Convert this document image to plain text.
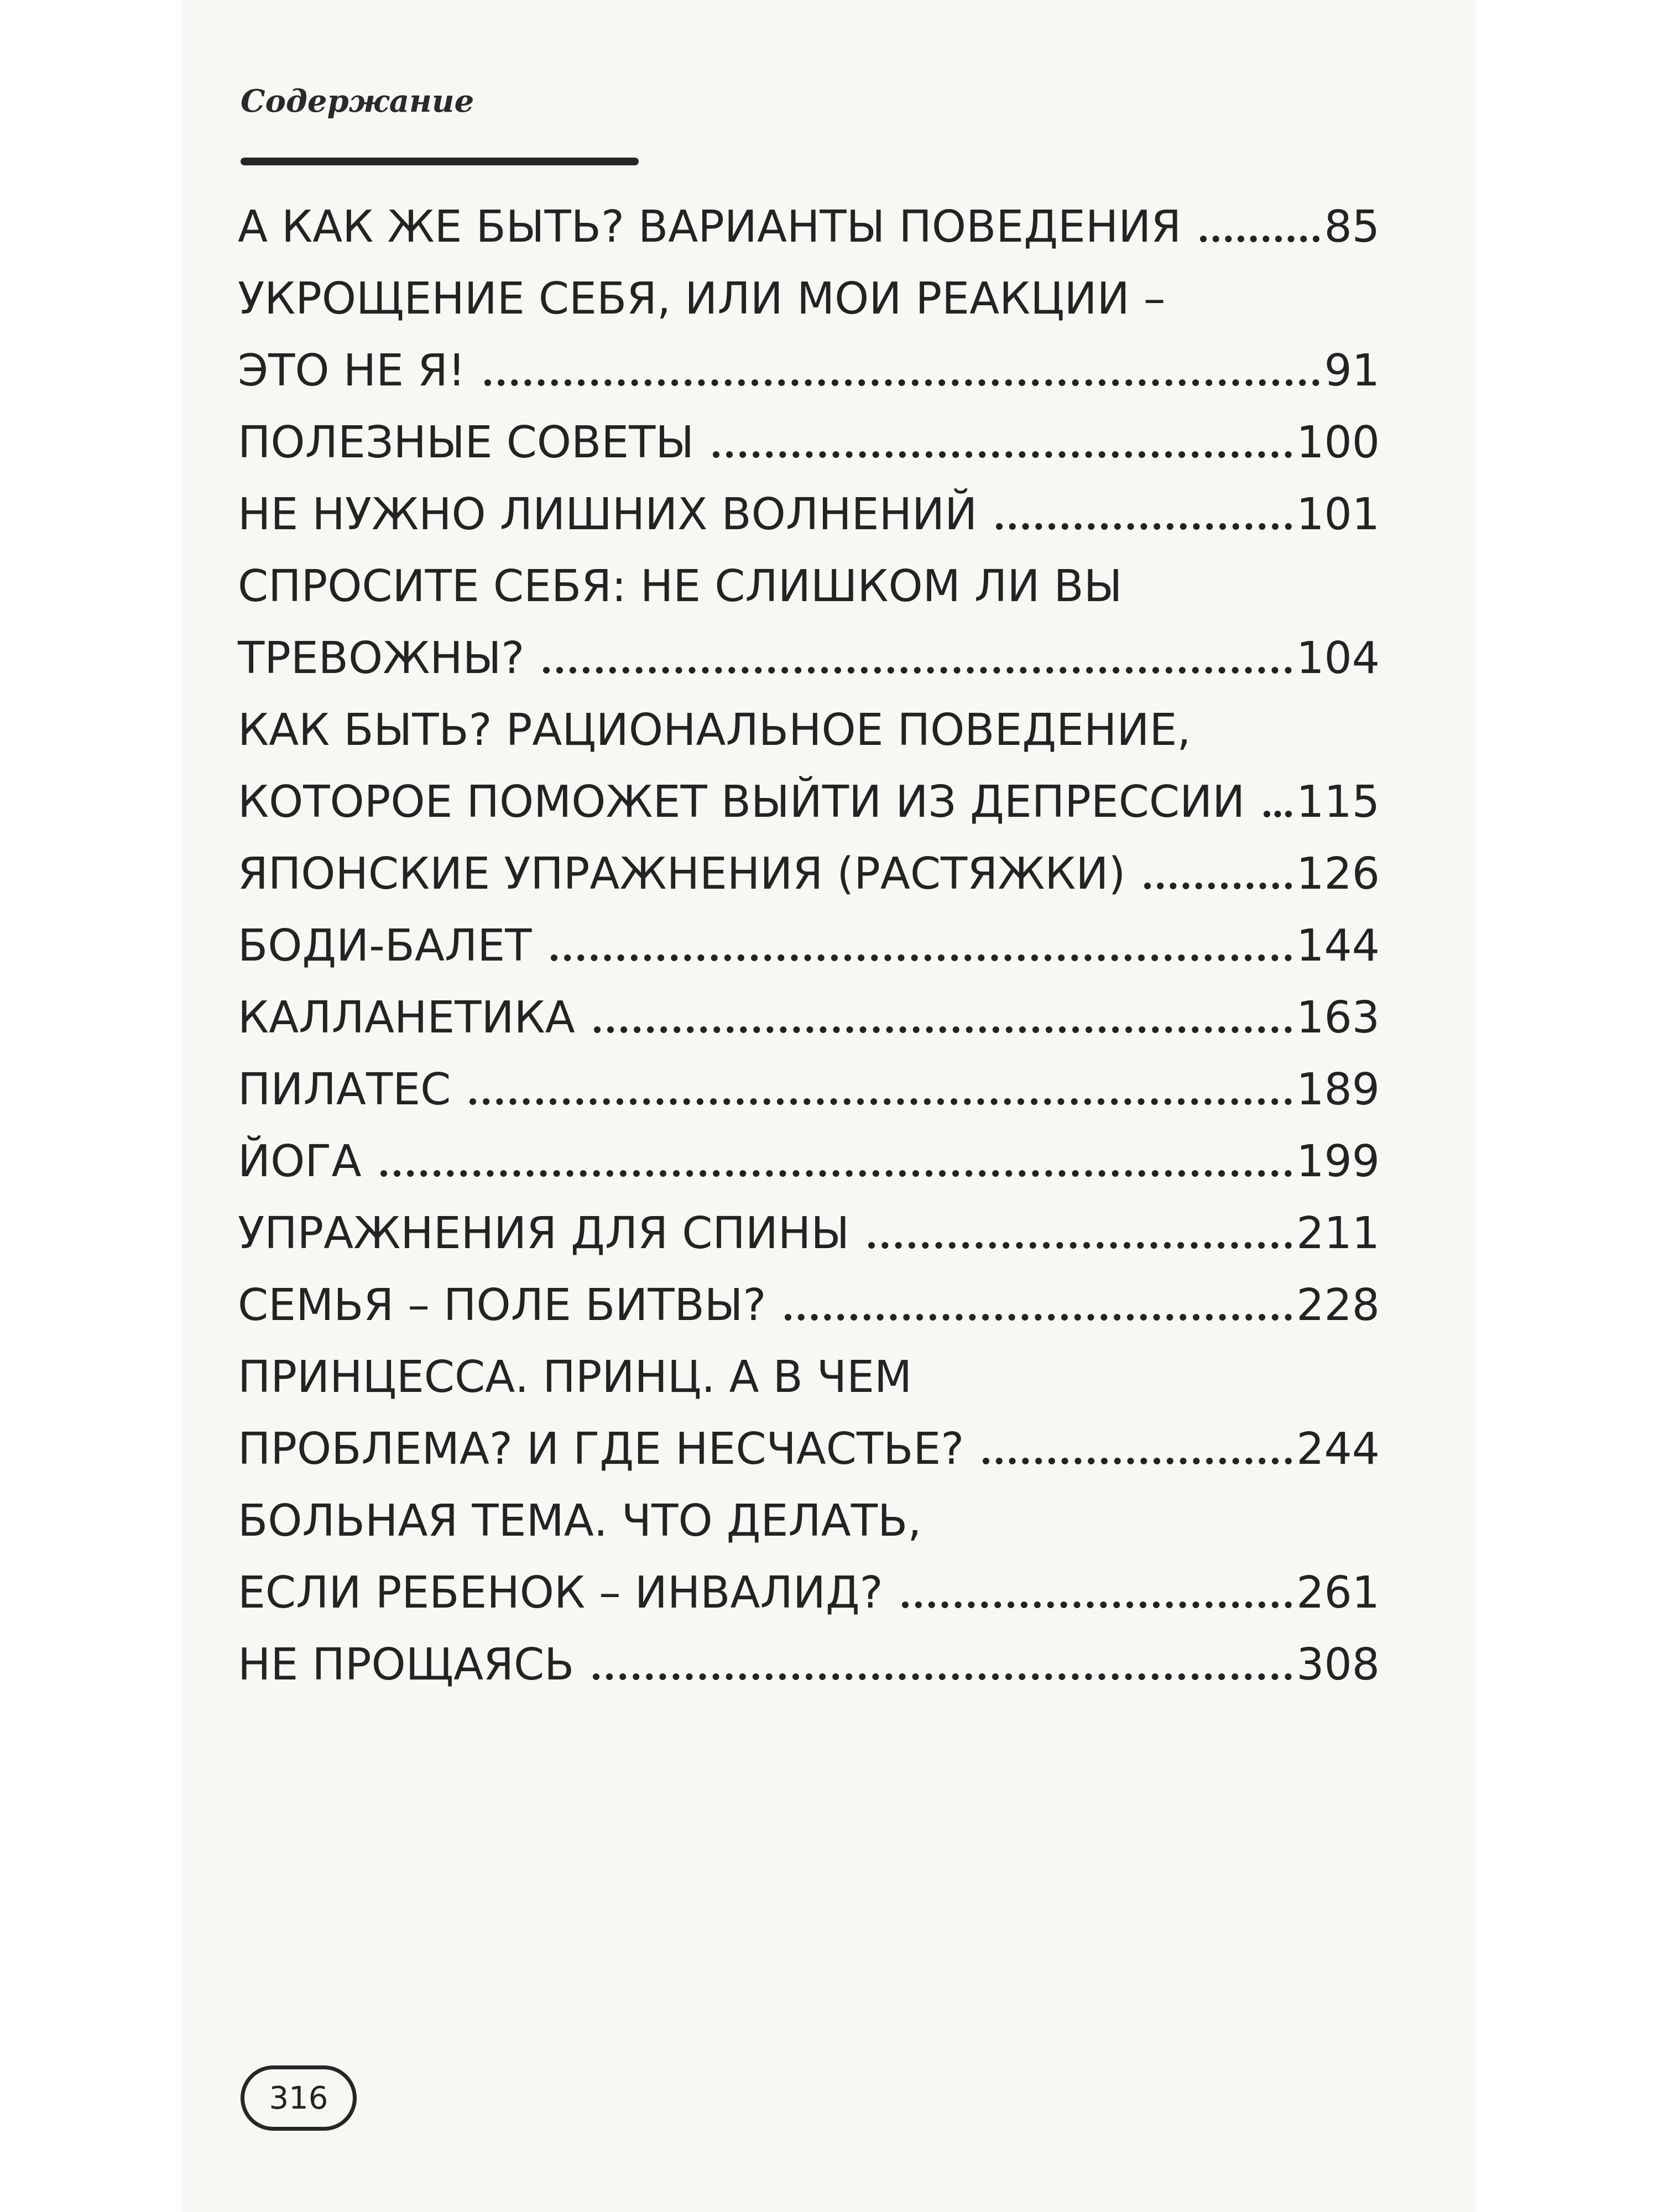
Содержание
А КАК ЖЕ БЫТЬ? ВАРИАНТЫ ПОВЕДЕНИЯ	85
УКРОЩЕНИЕ СЕБЯ, ИЛИ МОИ РЕАКЦИИ –
ЭТО НЕ Я!	91
ПОЛЕЗНЫЕ СОВЕТЫ	100
НЕ НУЖНО ЛИШНИХ ВОЛНЕНИЙ	101
СПРОСИТЕ СЕБЯ: НЕ СЛИШКОМ ЛИ ВЫ
ТРЕВОЖНЫ?	104
КАК БЫТЬ? РАЦИОНАЛЬНОЕ ПОВЕДЕНИЕ,
КОТОРОЕ ПОМОЖЕТ ВЫЙТИ ИЗ ДЕПРЕССИИ 115
ЯПОНСКИЕ УПРАЖНЕНИЯ (РАСТЯЖКИ)	126
БОДИ-БАЛЕТ	144
КАЛЛАНЕТИКА	163
ПИЛАТЕС	189
ЙОГА	199
УПРАЖНЕНИЯ ДЛЯ СПИНЫ	211
СЕМЬЯ – ПОЛЕ БИТВЫ?	228
ПРИНЦЕССА. ПРИНЦ. А В ЧЕМ
ПРОБЛЕМА? И ГДЕ НЕСЧАСТЬЕ?	244
БОЛЬНАЯ ТЕМА. ЧТО ДЕЛАТЬ,
ЕСЛИ РЕБЕНОК – ИНВАЛИД?	261
НЕ ПРОЩАЯСЬ	308
316
